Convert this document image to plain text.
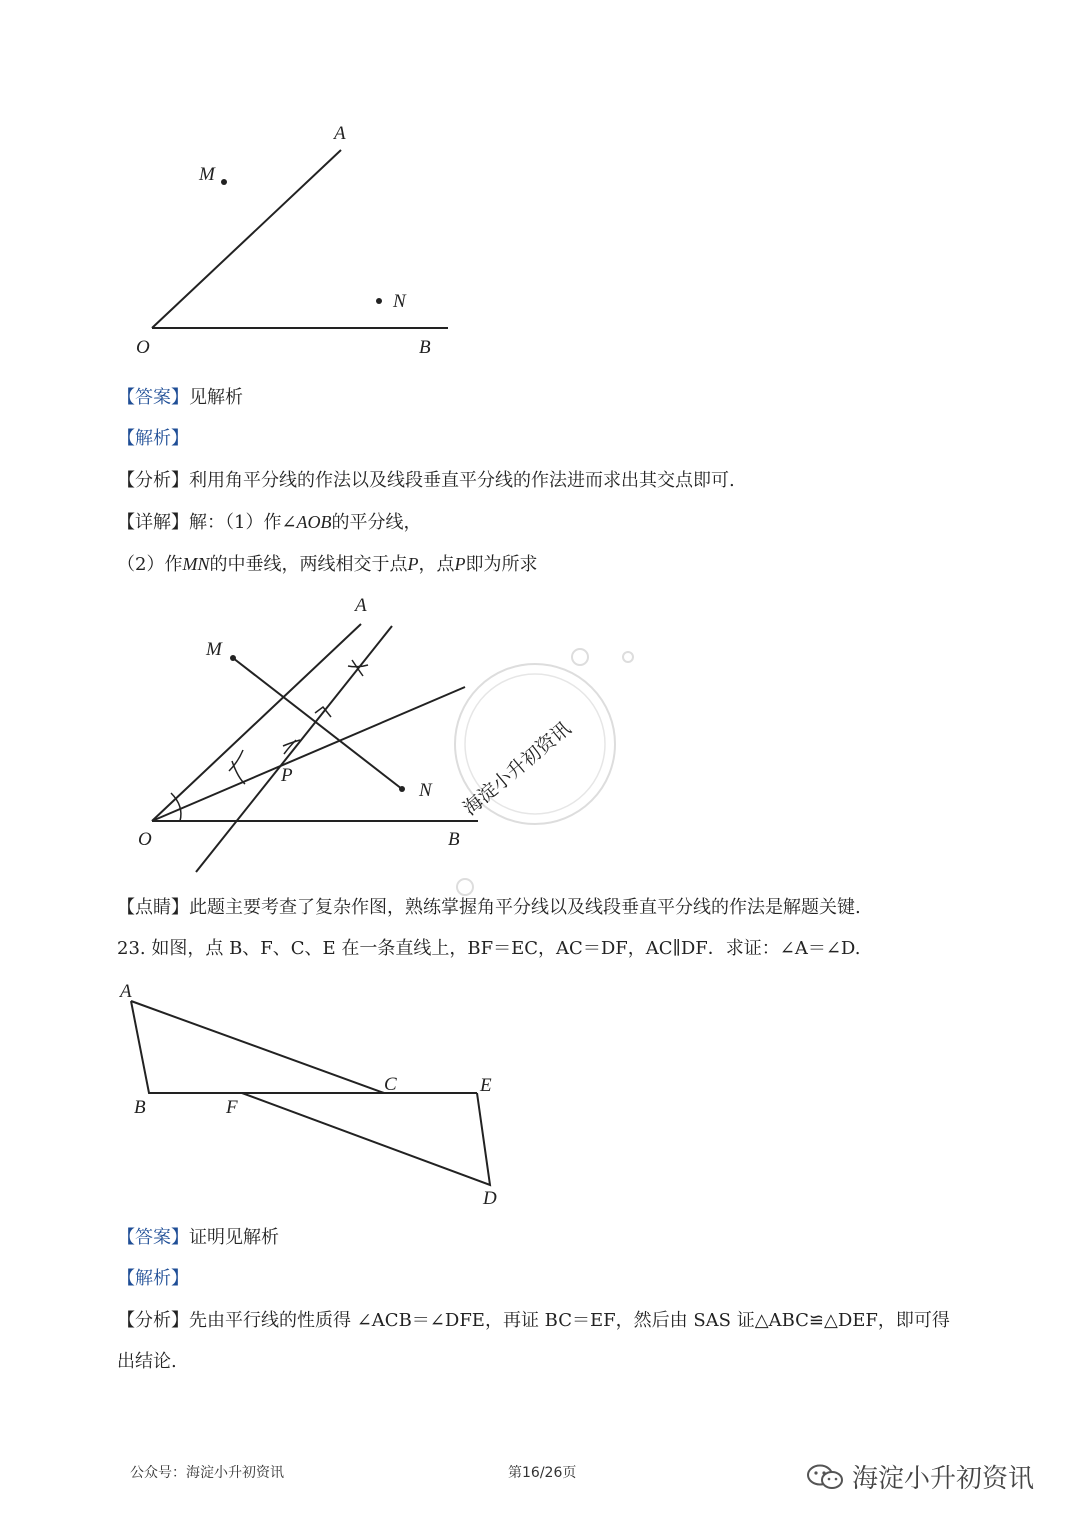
A
M
N
O	B
【答案】见解析
【解析】
【分析】利用角平分线的作法以及线段垂直平分线的作法进而求出其交点即可.
【详解】解：（1）作∠AOB的平分线，
（2）作MN的中垂线，两线相交于点P，点P即为所求
海淀小升初资讯
A
M
P
N
O	B
【点睛】此题主要考查了复杂作图，熟练掌握角平分线以及线段垂直平分线的作法是解题关键.
23. 如图，点 B、F、C、E 在一条直线上，BF＝EC，AC＝DF，AC∥DF．求证：∠A＝∠D.
A
B	F
C	E
D
【答案】证明见解析
【解析】
【分析】先由平行线的性质得 ∠ACB＝∠DFE，再证 BC＝EF，然后由 SAS 证△ABC≌△DEF，即可得
出结论.
公众号：海淀小升初资讯	第16/26页	海淀小升初资讯
